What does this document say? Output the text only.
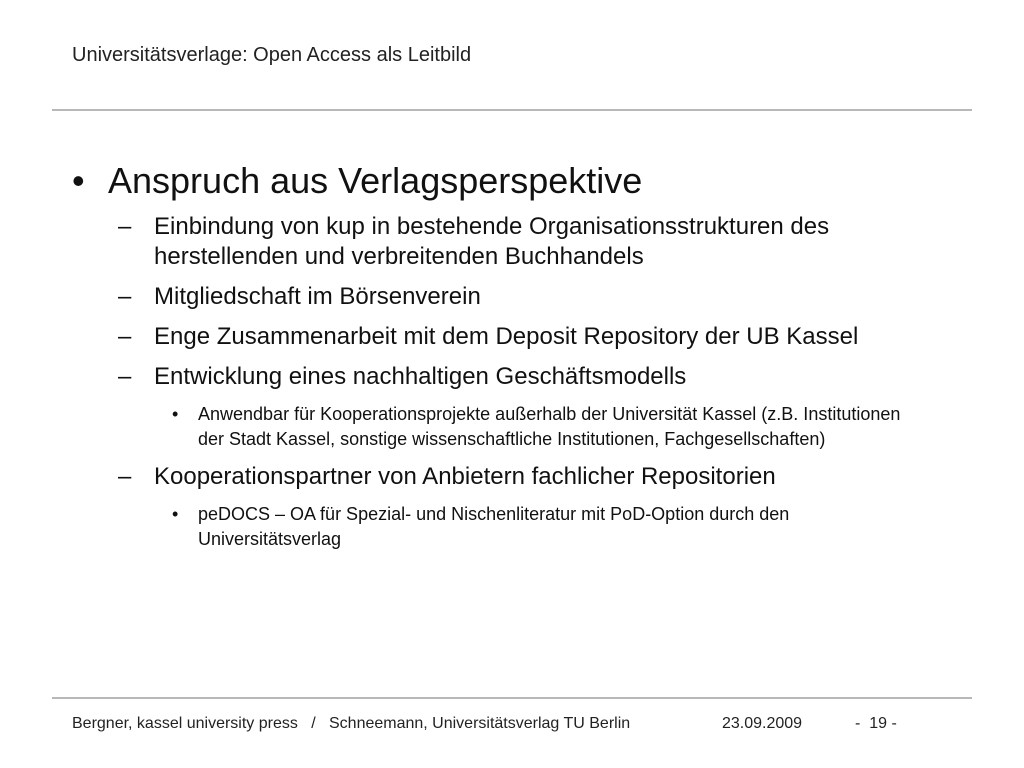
Universitätsverlage: Open Access als Leitbild
• Anspruch aus Verlagsperspektive
– Einbindung von kup in bestehende Organisationsstrukturen des herstellenden und verbreitenden Buchhandels
– Mitgliedschaft im Börsenverein
– Enge Zusammenarbeit mit dem Deposit Repository der UB Kassel
– Entwicklung eines nachhaltigen Geschäftsmodells
• Anwendbar für Kooperationsprojekte außerhalb der Universität Kassel (z.B. Institutionen der Stadt Kassel, sonstige wissenschaftliche Institutionen, Fachgesellschaften)
– Kooperationspartner von Anbietern fachlicher Repositorien
• peDOCS – OA für Spezial- und Nischenliteratur mit PoD-Option durch den Universitätsverlag
Bergner, kassel university press   /   Schneemann, Universitätsverlag TU Berlin	23.09.2009	-  19 -
